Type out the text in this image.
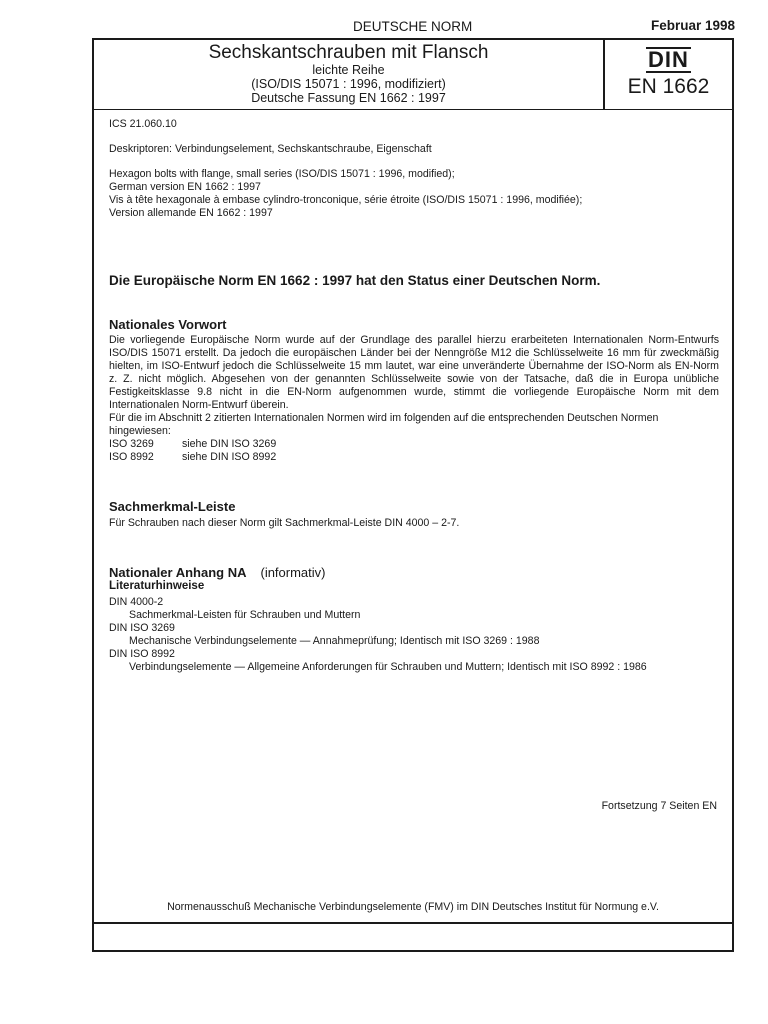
DEUTSCHE NORM	Februar 1998
Sechskantschrauben mit Flansch
leichte Reihe
(ISO/DIS 15071 : 1996, modifiziert)
Deutsche Fassung EN 1662 : 1997
DIN
EN 1662

ICS 21.060.10

Deskriptoren: Verbindungselement, Sechskantschraube, Eigenschaft

Hexagon bolts with flange, small series (ISO/DIS 15071 : 1996, modified);

German version EN 1662 : 1997

Vis à tête hexagonale à embase cylindro-tronconique, série étroite (ISO/DIS 15071 : 1996, modifiée);

Version allemande EN 1662 : 1997

Die Europäische Norm EN 1662 : 1997 hat den Status einer Deutschen Norm.

Nationales Vorwort

Die vorliegende Europäische Norm wurde auf der Grundlage des parallel hierzu erarbeiteten Internationalen Norm-Entwurfs ISO/DIS 15071 erstellt. Da jedoch die europäischen Länder bei der Nenngröße M12 die Schlüsselweite 16 mm für zweckmäßig hielten, im ISO-Entwurf jedoch die Schlüsselweite 15 mm lautet, war eine unveränderte Übernahme der ISO-Norm als EN-Norm z. Z. nicht möglich. Abgesehen von der genannten Schlüsselweite sowie von der Tatsache, daß die in Europa unübliche Festigkeitsklasse 9.8 nicht in die EN-Norm aufgenommen wurde, stimmt die vorliegende Europäische Norm mit dem Internationalen Norm-Entwurf überein.

Für die im Abschnitt 2 zitierten Internationalen Normen wird im folgenden auf die entsprechenden Deutschen Normen hingewiesen:

ISO 3269	siehe DIN ISO 3269
ISO 8992	siehe DIN ISO 8992

Sachmerkmal-Leiste

Für Schrauben nach dieser Norm gilt Sachmerkmal-Leiste DIN 4000 – 2-7.

Nationaler Anhang NA (informativ)

Literaturhinweise

DIN 4000-2

Sachmerkmal-Leisten für Schrauben und Muttern

DIN ISO 3269

Mechanische Verbindungselemente — Annahmeprüfung; Identisch mit ISO 3269 : 1988

DIN ISO 8992

Verbindungselemente — Allgemeine Anforderungen für Schrauben und Muttern; Identisch mit ISO 8992 : 1986

Fortsetzung 7 Seiten EN
Normenausschuß Mechanische Verbindungselemente (FMV) im DIN Deutsches Institut für Normung e.V.
